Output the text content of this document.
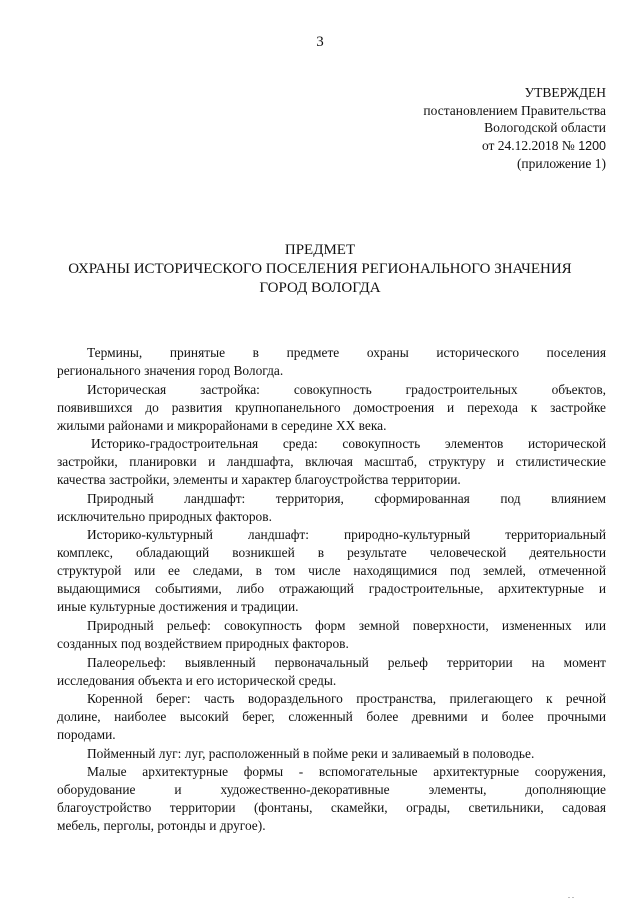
3
УТВЕРЖДЕН
постановлением Правительства
Вологодской области
от 24.12.2018 № 1200
(приложение 1)
ПРЕДМЕТ
ОХРАНЫ ИСТОРИЧЕСКОГО ПОСЕЛЕНИЯ РЕГИОНАЛЬНОГО ЗНАЧЕНИЯ
ГОРОД ВОЛОГДА
Термины, принятые в предмете охраны исторического поселения
регионального значения город Вологда.
Историческая застройка: совокупность градостроительных объектов,
появившихся до развития крупнопанельного домостроения и перехода к застройке
жилыми районами и микрорайонами в середине XX века.
Историко-градостроительная среда: совокупность элементов исторической
застройки, планировки и ландшафта, включая масштаб, структуру и стилистические
качества застройки, элементы и характер благоустройства территории.
Природный ландшафт: территория, сформированная под влиянием
исключительно природных факторов.
Историко-культурный ландшафт: природно-культурный территориальный
комплекс, обладающий возникшей в результате человеческой деятельности
структурой или ее следами, в том числе находящимися под землей, отмеченной
выдающимися событиями, либо отражающий градостроительные, архитектурные и
иные культурные достижения и традиции.
Природный рельеф: совокупность форм земной поверхности, измененных или
созданных под воздействием природных факторов.
Палеорельеф: выявленный первоначальный рельеф территории на момент
исследования объекта и его исторической среды.
Коренной берег: часть водораздельного пространства, прилегающего к речной
долине, наиболее высокий берег, сложенный более древними и более прочными
породами.
Пойменный луг: луг, расположенный в пойме реки и заливаемый в половодье.
Малые архитектурные формы - вспомогательные архитектурные сооружения,
оборудование и художественно-декоративные элементы, дополняющие
благоустройство территории (фонтаны, скамейки, ограды, светильники, садовая
мебель, перголы, ротонды и другое).
. .
